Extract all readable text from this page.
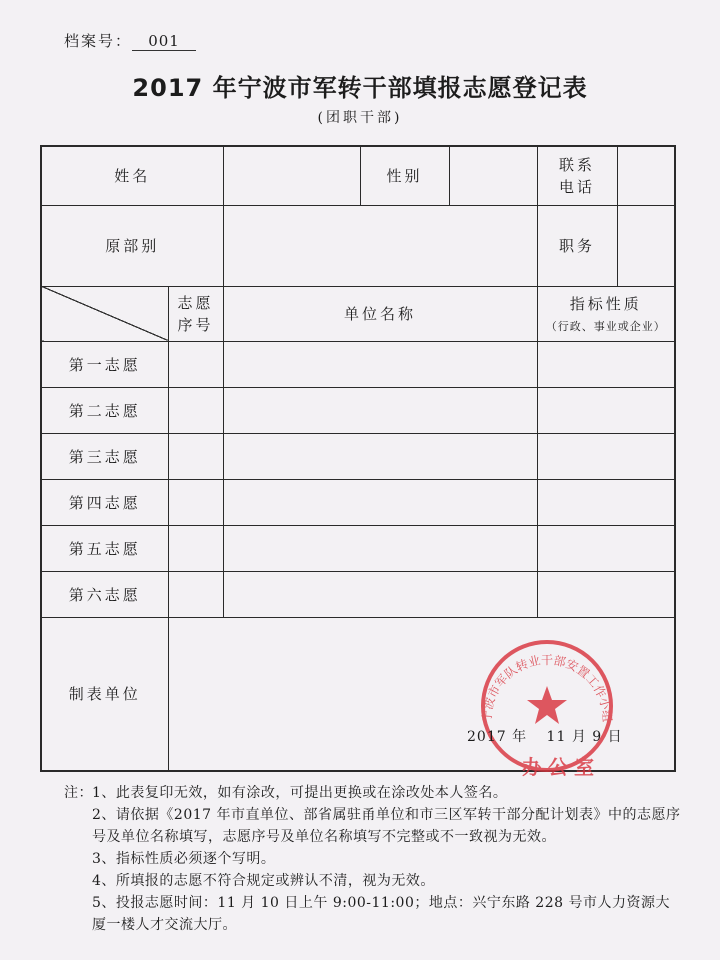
档案号： 001
2017 年宁波市军转干部填报志愿登记表
(团职干部)
姓名			性别		联系
电话	
原部别					职务	
	志愿
序号	单位名称			指标性质
（行政、事业或企业）	

第一志愿						
第二志愿						
第三志愿						
第四志愿						
第五志愿						
第六志愿						
制表单位						
宁波市军队转业干部安置工作小组
办公室
2017 年 11 月 9 日
注： 1、此表复印无效，如有涂改，可提出更换或在涂改处本人签名。
2、请依据《2017 年市直单位、部省属驻甬单位和市三区军转干部分配计划表》中的志愿序号及单位名称填写，志愿序号及单位名称填写不完整或不一致视为无效。
3、指标性质必须逐个写明。
4、所填报的志愿不符合规定或辨认不清，视为无效。
5、投报志愿时间：11 月 10 日上午 9:00-11:00；地点：兴宁东路 228 号市人力资源大厦一楼人才交流大厅。
